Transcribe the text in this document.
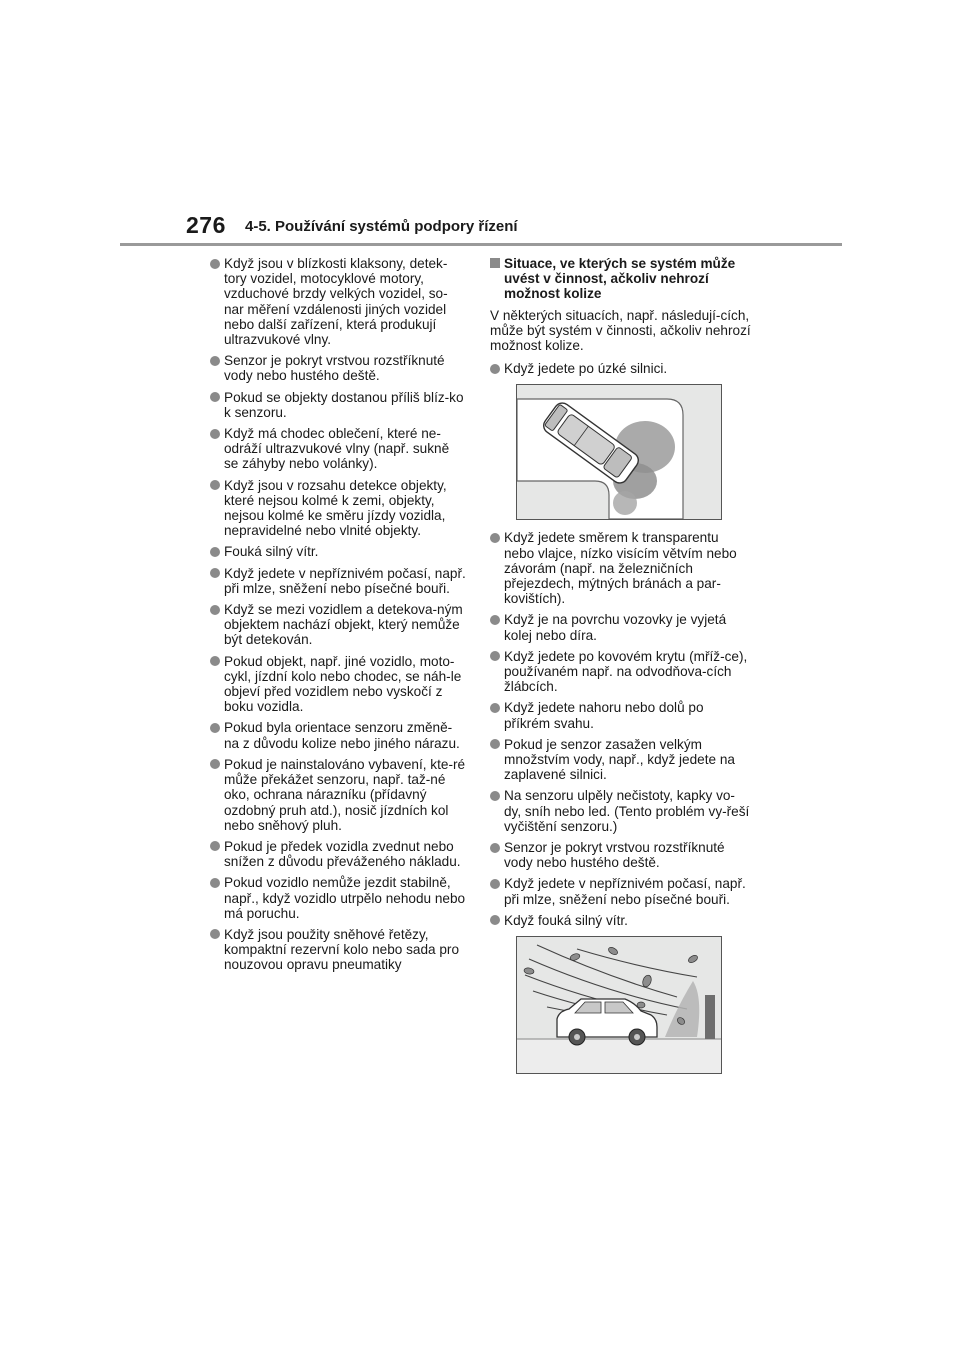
276 4-5. Používání systémů podpory řízení
Když jsou v blízkosti klaksony, detek-tory vozidel, motocyklové motory, vzduchové brzdy velkých vozidel, so-nar měření vzdálenosti jiných vozidel nebo další zařízení, která produkují ultrazvukové vlny.
Senzor je pokryt vrstvou rozstříknuté vody nebo hustého deště.
Pokud se objekty dostanou příliš blíz-ko k senzoru.
Když má chodec oblečení, které ne-odráží ultrazvukové vlny (např. sukně se záhyby nebo volánky).
Když jsou v rozsahu detekce objekty, které nejsou kolmé k zemi, objekty, nejsou kolmé ke směru jízdy vozidla, nepravidelné nebo vlnité objekty.
Fouká silný vítr.
Když jedete v nepříznivém počasí, např. při mlze, sněžení nebo písečné bouři.
Když se mezi vozidlem a detekova-ným objektem nachází objekt, který nemůže být detekován.
Pokud objekt, např. jiné vozidlo, moto-cykl, jízdní kolo nebo chodec, se náh-le objeví před vozidlem nebo vyskočí z boku vozidla.
Pokud byla orientace senzoru změně-na z důvodu kolize nebo jiného nárazu.
Pokud je nainstalováno vybavení, kte-ré může překážet senzoru, např. taž-né oko, ochrana nárazníku (přídavný ozdobný pruh atd.), nosič jízdních kol nebo sněhový pluh.
Pokud je předek vozidla zvednut nebo snížen z důvodu převáženého nákladu.
Pokud vozidlo nemůže jezdit stabilně, např., když vozidlo utrpělo nehodu nebo má poruchu.
Když jsou použity sněhové řetězy, kompaktní rezervní kolo nebo sada pro nouzovou opravu pneumatiky
Situace, ve kterých se systém může uvést v činnost, ačkoliv nehrozí možnost kolize

V některých situacích, např. následují-cích, může být systém v činnosti, ačkoliv nehrozí možnost kolize.

Když jedete po úzké silnici.
Když jedete směrem k transparentu nebo vlajce, nízko visícím větvím nebo závorám (např. na železničních přejezdech, mýtných bránách a par-kovištích).
Když je na povrchu vozovky je vyjetá kolej nebo díra.
Když jedete po kovovém krytu (mříž-ce), používaném např. na odvodňova-cích žlábcích.
Když jedete nahoru nebo dolů po příkrém svahu.
Pokud je senzor zasažen velkým množstvím vody, např., když jedete na zaplavené silnici.
Na senzoru ulpěly nečistoty, kapky vo-dy, sníh nebo led. (Tento problém vy-řeší vyčištění senzoru.)
Senzor je pokryt vrstvou rozstříknuté vody nebo hustého deště.
Když jedete v nepříznivém počasí, např. při mlze, sněžení nebo písečné bouři.
Když fouká silný vítr.
